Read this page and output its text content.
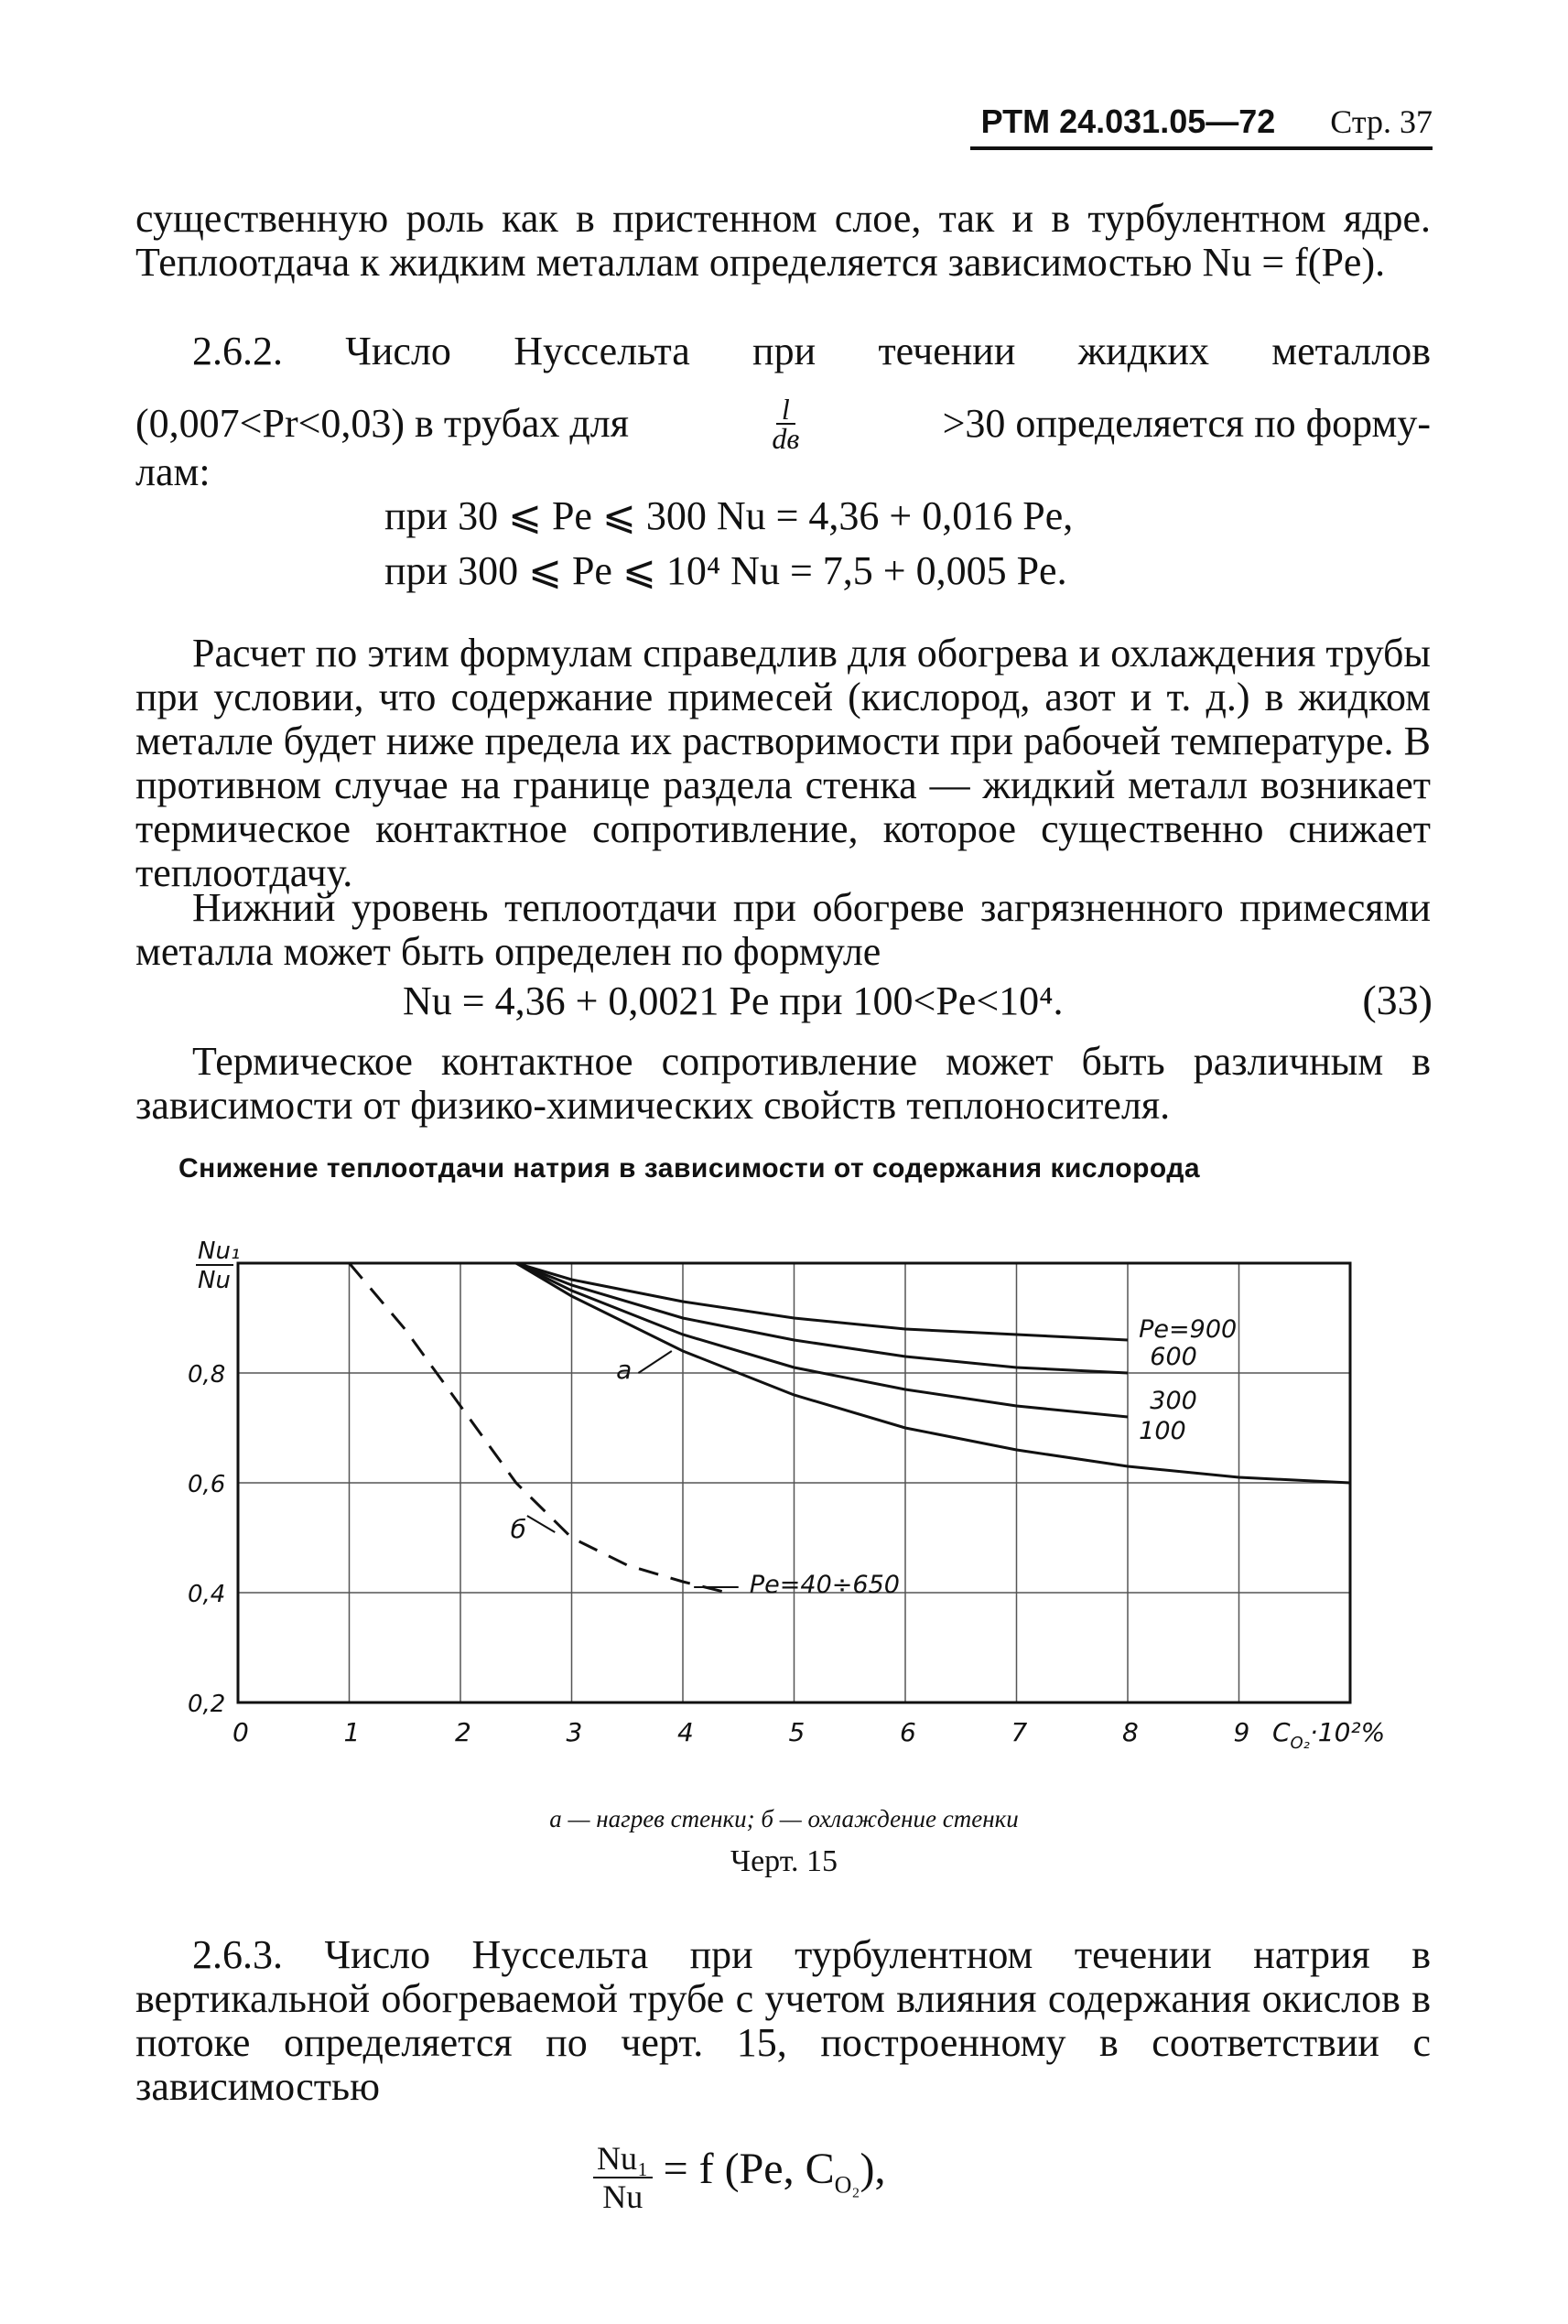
РТМ 24.031.05—72 Стр. 37
существенную роль как в пристенном слое, так и в турбулентном ядре. Теплоотдача к жидким металлам определяется зависимостью Nu = f(Pe).
2.6.2. Число Нуссельта при течении жидких металлов
(0,007<Pr<0,03) в трубах для	l
dв	>30 определяется по форму-
лам:
при 30 ⩽ Pe ⩽ 300 Nu = 4,36 + 0,016 Pe,
при 300 ⩽ Pe ⩽ 10⁴ Nu = 7,5 + 0,005 Pe.
Расчет по этим формулам справедлив для обогрева и охлаждения трубы при условии, что содержание примесей (кислород, азот и т. д.) в жидком металле будет ниже предела их растворимости при рабочей температуре. В противном случае на границе раздела стенка — жидкий металл возникает термическое контактное сопротивление, которое существенно снижает теплоотдачу.
Нижний уровень теплоотдачи при обогреве загрязненного примесями металла может быть определен по формуле
Nu = 4,36 + 0,0021 Pe при 100<Pe<10⁴.	(33)
Термическое контактное сопротивление может быть различным в зависимости от физико-химических свойств теплоносителя.
Снижение теплоотдачи натрия в зависимости от содержания кислорода
0	1	2	3	4	5	6	7	8	9
0,2
0,4
0,6
0,8
Nu₁
Nu
$C_{O_2}\cdot 10^2\%$
Pe=900
600
300
100
Pe=40÷650
а
б
а — нагрев стенки; б — охлаждение стенки
Черт. 15
2.6.3. Число Нуссельта при турбулентном течении натрия в вертикальной обогреваемой трубе с учетом влияния содержания окислов в потоке определяется по черт. 15, построенному в соответствии с зависимостью
$\frac{\text{Nu₁}}{Nu} = f$ (Pe, $C_{O_2}$),
